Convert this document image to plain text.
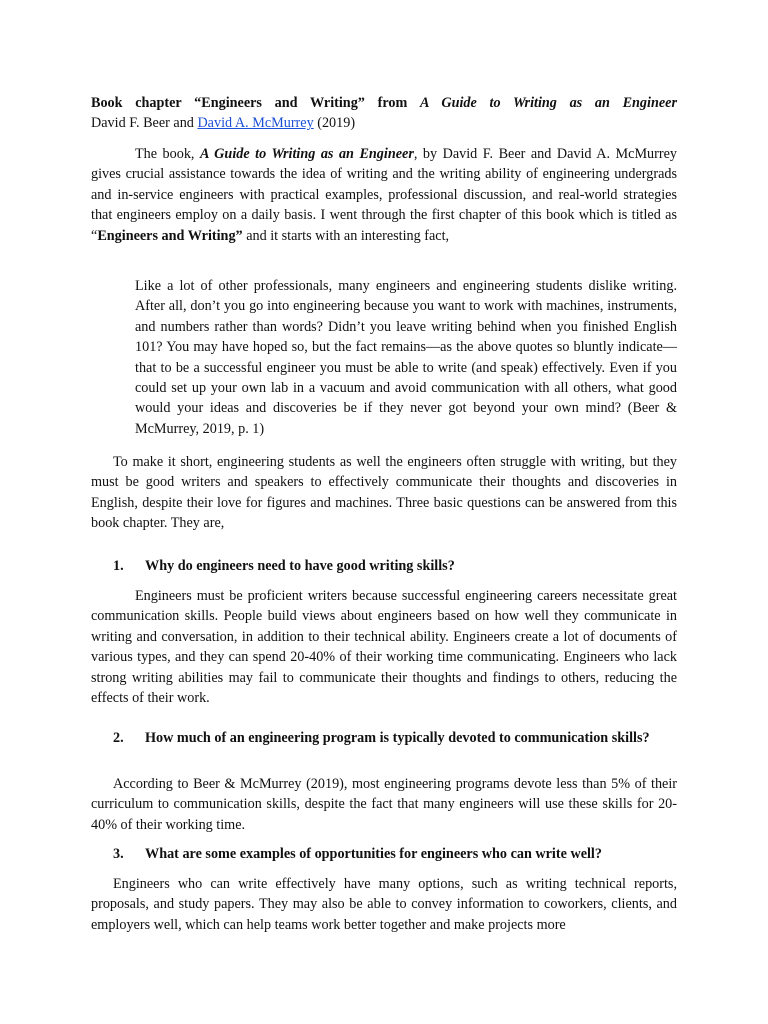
Book chapter “Engineers and Writing” from A Guide to Writing as an Engineer

David F. Beer and David A. McMurrey (2019)

The book, A Guide to Writing as an Engineer, by David F. Beer and David A. McMurrey gives crucial assistance towards the idea of writing and the writing ability of engineering undergrads and in-service engineers with practical examples, professional discussion, and real-world strategies that engineers employ on a daily basis. I went through the first chapter of this book which is titled as “Engineers and Writing” and it starts with an interesting fact,

Like a lot of other professionals, many engineers and engineering students dislike writing. After all, don’t you go into engineering because you want to work with machines, instruments, and numbers rather than words? Didn’t you leave writing behind when you finished English 101? You may have hoped so, but the fact remains—as the above quotes so bluntly indicate—that to be a successful engineer you must be able to write (and speak) effectively. Even if you could set up your own lab in a vacuum and avoid communication with all others, what good would your ideas and discoveries be if they never got beyond your own mind? (Beer & McMurrey, 2019, p. 1)

To make it short, engineering students as well the engineers often struggle with writing, but they must be good writers and speakers to effectively communicate their thoughts and discoveries in English, despite their love for figures and machines. Three basic questions can be answered from this book chapter. They are,

1.	Why do engineers need to have good writing skills?

Engineers must be proficient writers because successful engineering careers necessitate great communication skills. People build views about engineers based on how well they communicate in writing and conversation, in addition to their technical ability. Engineers create a lot of documents of various types, and they can spend 20-40% of their working time communicating. Engineers who lack strong writing abilities may fail to communicate their thoughts and findings to others, reducing the effects of their work.

2.	How much of an engineering program is typically devoted to communication skills?

According to Beer & McMurrey (2019), most engineering programs devote less than 5% of their curriculum to communication skills, despite the fact that many engineers will use these skills for 20-40% of their working time.

3.	What are some examples of opportunities for engineers who can write well?

Engineers who can write effectively have many options, such as writing technical reports, proposals, and study papers. They may also be able to convey information to coworkers, clients, and employers well, which can help teams work better together and make projects more
